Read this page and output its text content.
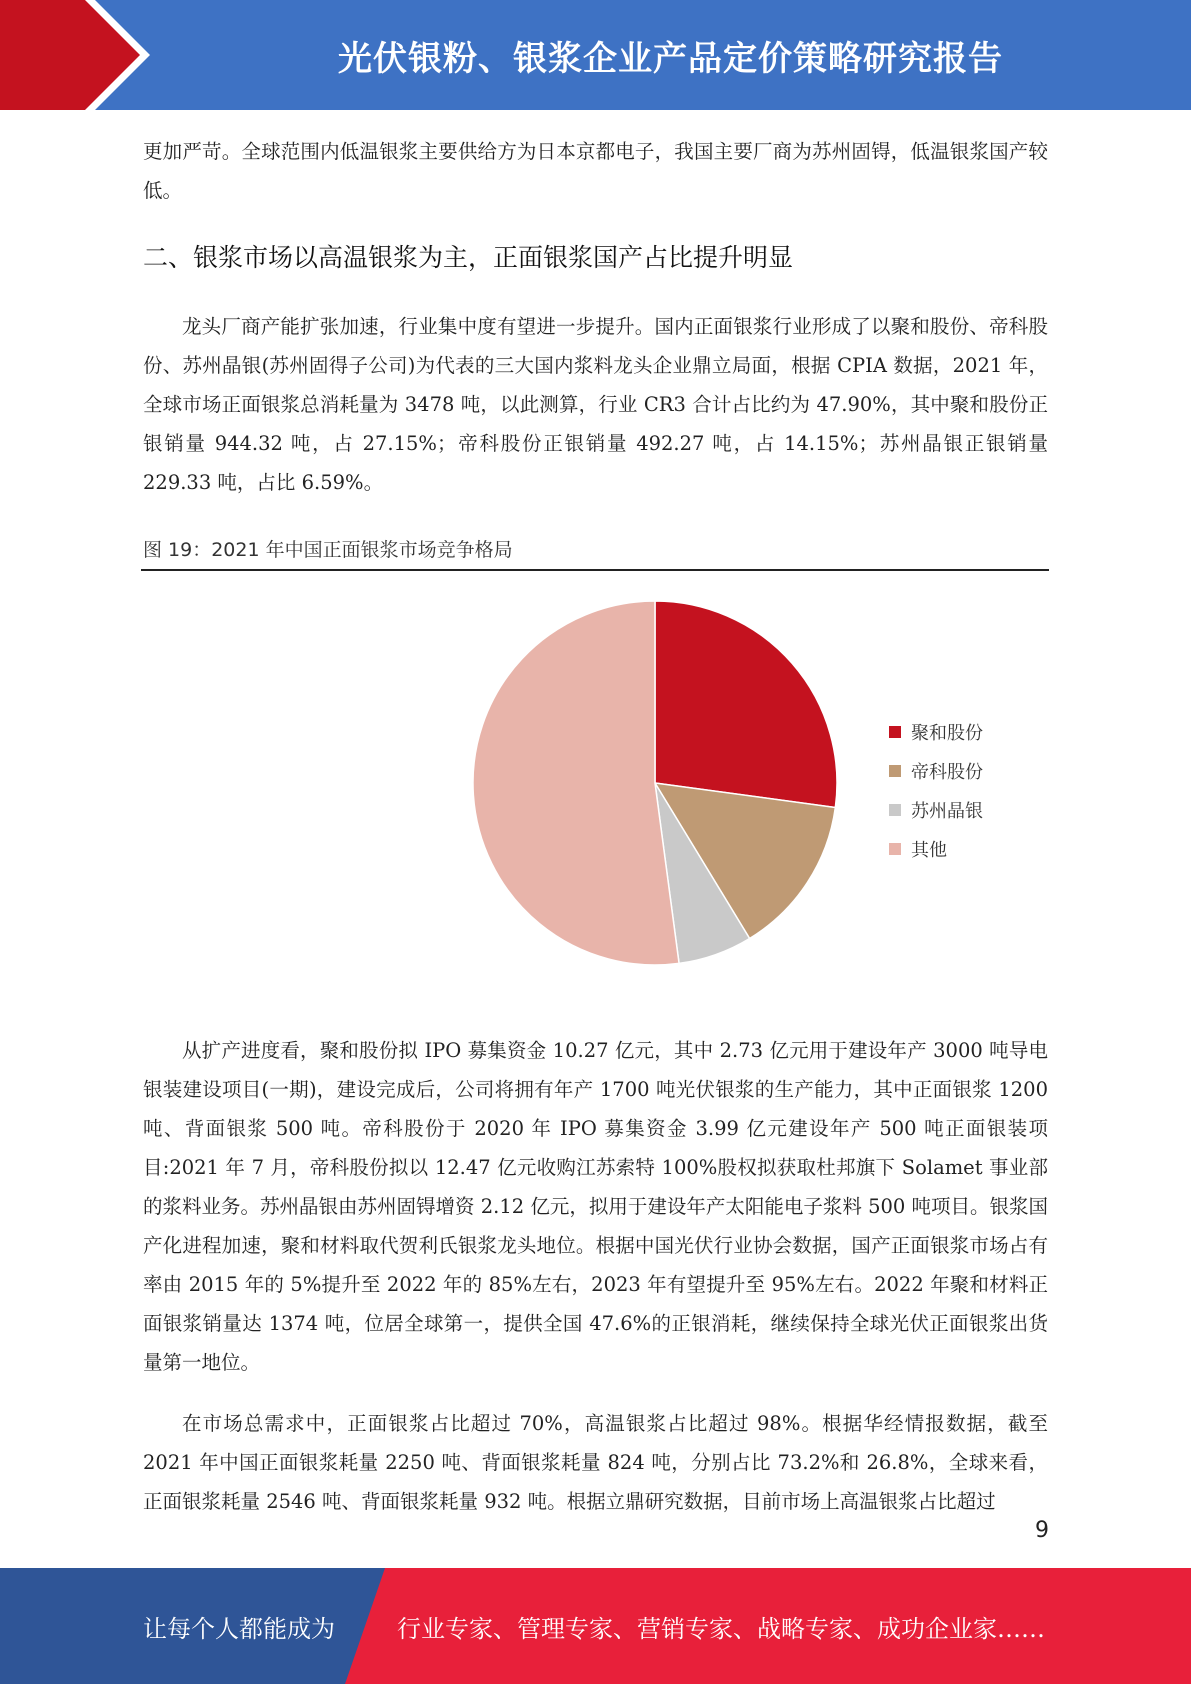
光伏银粉、银浆企业产品定价策略研究报告

更加严苛。全球范围内低温银浆主要供给方为日本京都电子，我国主要厂商为苏州固锝，低温银浆国产较低。

二、银浆市场以高温银浆为主，正面银浆国产占比提升明显

龙头厂商产能扩张加速，行业集中度有望进一步提升。国内正面银浆行业形成了以聚和股份、帝科股份、苏州晶银(苏州固得子公司)为代表的三大国内浆料龙头企业鼎立局面，根据 CPIA 数据，2021 年，全球市场正面银浆总消耗量为 3478 吨，以此测算，行业 CR3 合计占比约为 47.90%，其中聚和股份正银销量 944.32 吨，占 27.15%；帝科股份正银销量 492.27 吨，占 14.15%；苏州晶银正银销量 229.33 吨，占比 6.59%。

图 19：2021 年中国正面银浆市场竞争格局
聚和股份
帝科股份
苏州晶银
其他

从扩产进度看，聚和股份拟 IPO 募集资金 10.27 亿元，其中 2.73 亿元用于建设年产 3000 吨导电银装建设项目(一期)，建设完成后，公司将拥有年产 1700 吨光伏银浆的生产能力，其中正面银浆 1200 吨、背面银浆 500 吨。帝科股份于 2020 年 IPO 募集资金 3.99 亿元建设年产 500 吨正面银装项目:2021 年 7 月，帝科股份拟以 12.47 亿元收购江苏索特 100%股权拟获取杜邦旗下 Solamet 事业部的浆料业务。苏州晶银由苏州固锝增资 2.12 亿元，拟用于建设年产太阳能电子浆料 500 吨项目。银浆国产化进程加速，聚和材料取代贺利氏银浆龙头地位。根据中国光伏行业协会数据，国产正面银浆市场占有率由 2015 年的 5%提升至 2022 年的 85%左右，2023 年有望提升至 95%左右。2022 年聚和材料正面银浆销量达 1374 吨，位居全球第一，提供全国 47.6%的正银消耗，继续保持全球光伏正面银浆出货量第一地位。

在市场总需求中，正面银浆占比超过 70%，高温银浆占比超过 98%。根据华经情报数据，截至 2021 年中国正面银浆耗量 2250 吨、背面银浆耗量 824 吨，分别占比 73.2%和 26.8%，全球来看，正面银浆耗量 2546 吨、背面银浆耗量 932 吨。根据立鼎研究数据，目前市场上高温银浆占比超过

9
让每个人都能成为	行业专家、管理专家、营销专家、战略专家、成功企业家……
